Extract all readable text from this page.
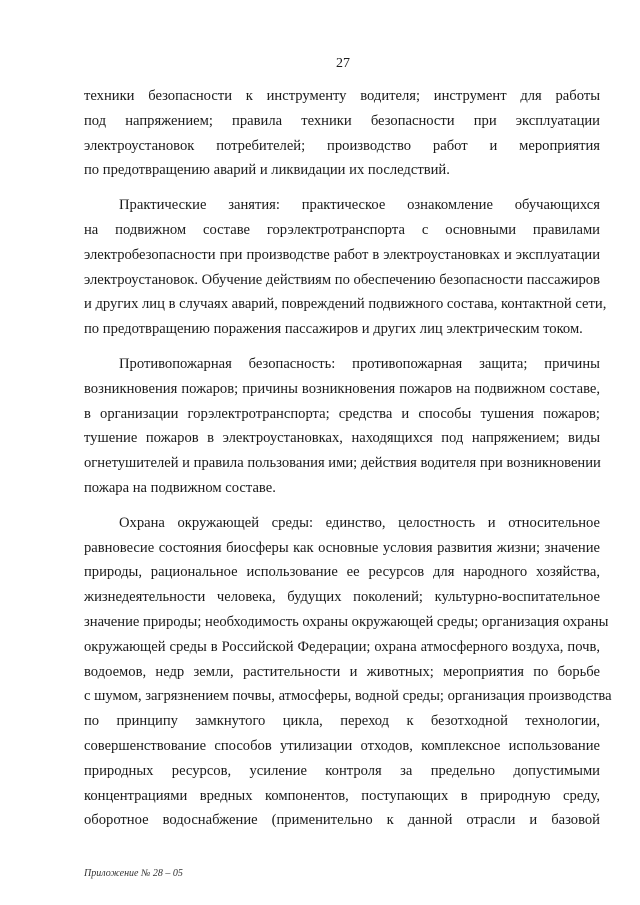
27

техники безопасности к инструменту водителя; инструмент для работы
под напряжением; правила техники безопасности при эксплуатации
электроустановок потребителей; производство работ и мероприятия
по предотвращению аварий и ликвидации их последствий.

Практические занятия: практическое ознакомление обучающихся
на подвижном составе горэлектротранспорта с основными правилами
электробезопасности при производстве работ в электроустановках и эксплуатации
электроустановок. Обучение действиям по обеспечению безопасности пассажиров
и других лиц в случаях аварий, повреждений подвижного состава, контактной сети,
по предотвращению поражения пассажиров и других лиц электрическим током.

Противопожарная безопасность: противопожарная защита; причины
возникновения пожаров; причины возникновения пожаров на подвижном составе,
в организации горэлектротранспорта; средства и способы тушения пожаров;
тушение пожаров в электроустановках, находящихся под напряжением; виды
огнетушителей и правила пользования ими; действия водителя при возникновении
пожара на подвижном составе.

Охрана окружающей среды: единство, целостность и относительное
равновесие состояния биосферы как основные условия развития жизни; значение
природы, рациональное использование ее ресурсов для народного хозяйства,
жизнедеятельности человека, будущих поколений; культурно-воспитательное
значение природы; необходимость охраны окружающей среды; организация охраны
окружающей среды в Российской Федерации; охрана атмосферного воздуха, почв,
водоемов, недр земли, растительности и животных; мероприятия по борьбе
с шумом, загрязнением почвы, атмосферы, водной среды; организация производства
по принципу замкнутого цикла, переход к безотходной технологии,
совершенствование способов утилизации отходов, комплексное использование
природных ресурсов, усиление контроля за предельно допустимыми
концентрациями вредных компонентов, поступающих в природную среду,
оборотное водоснабжение (применительно к данной отрасли и базовой

Приложение № 28 – 05
